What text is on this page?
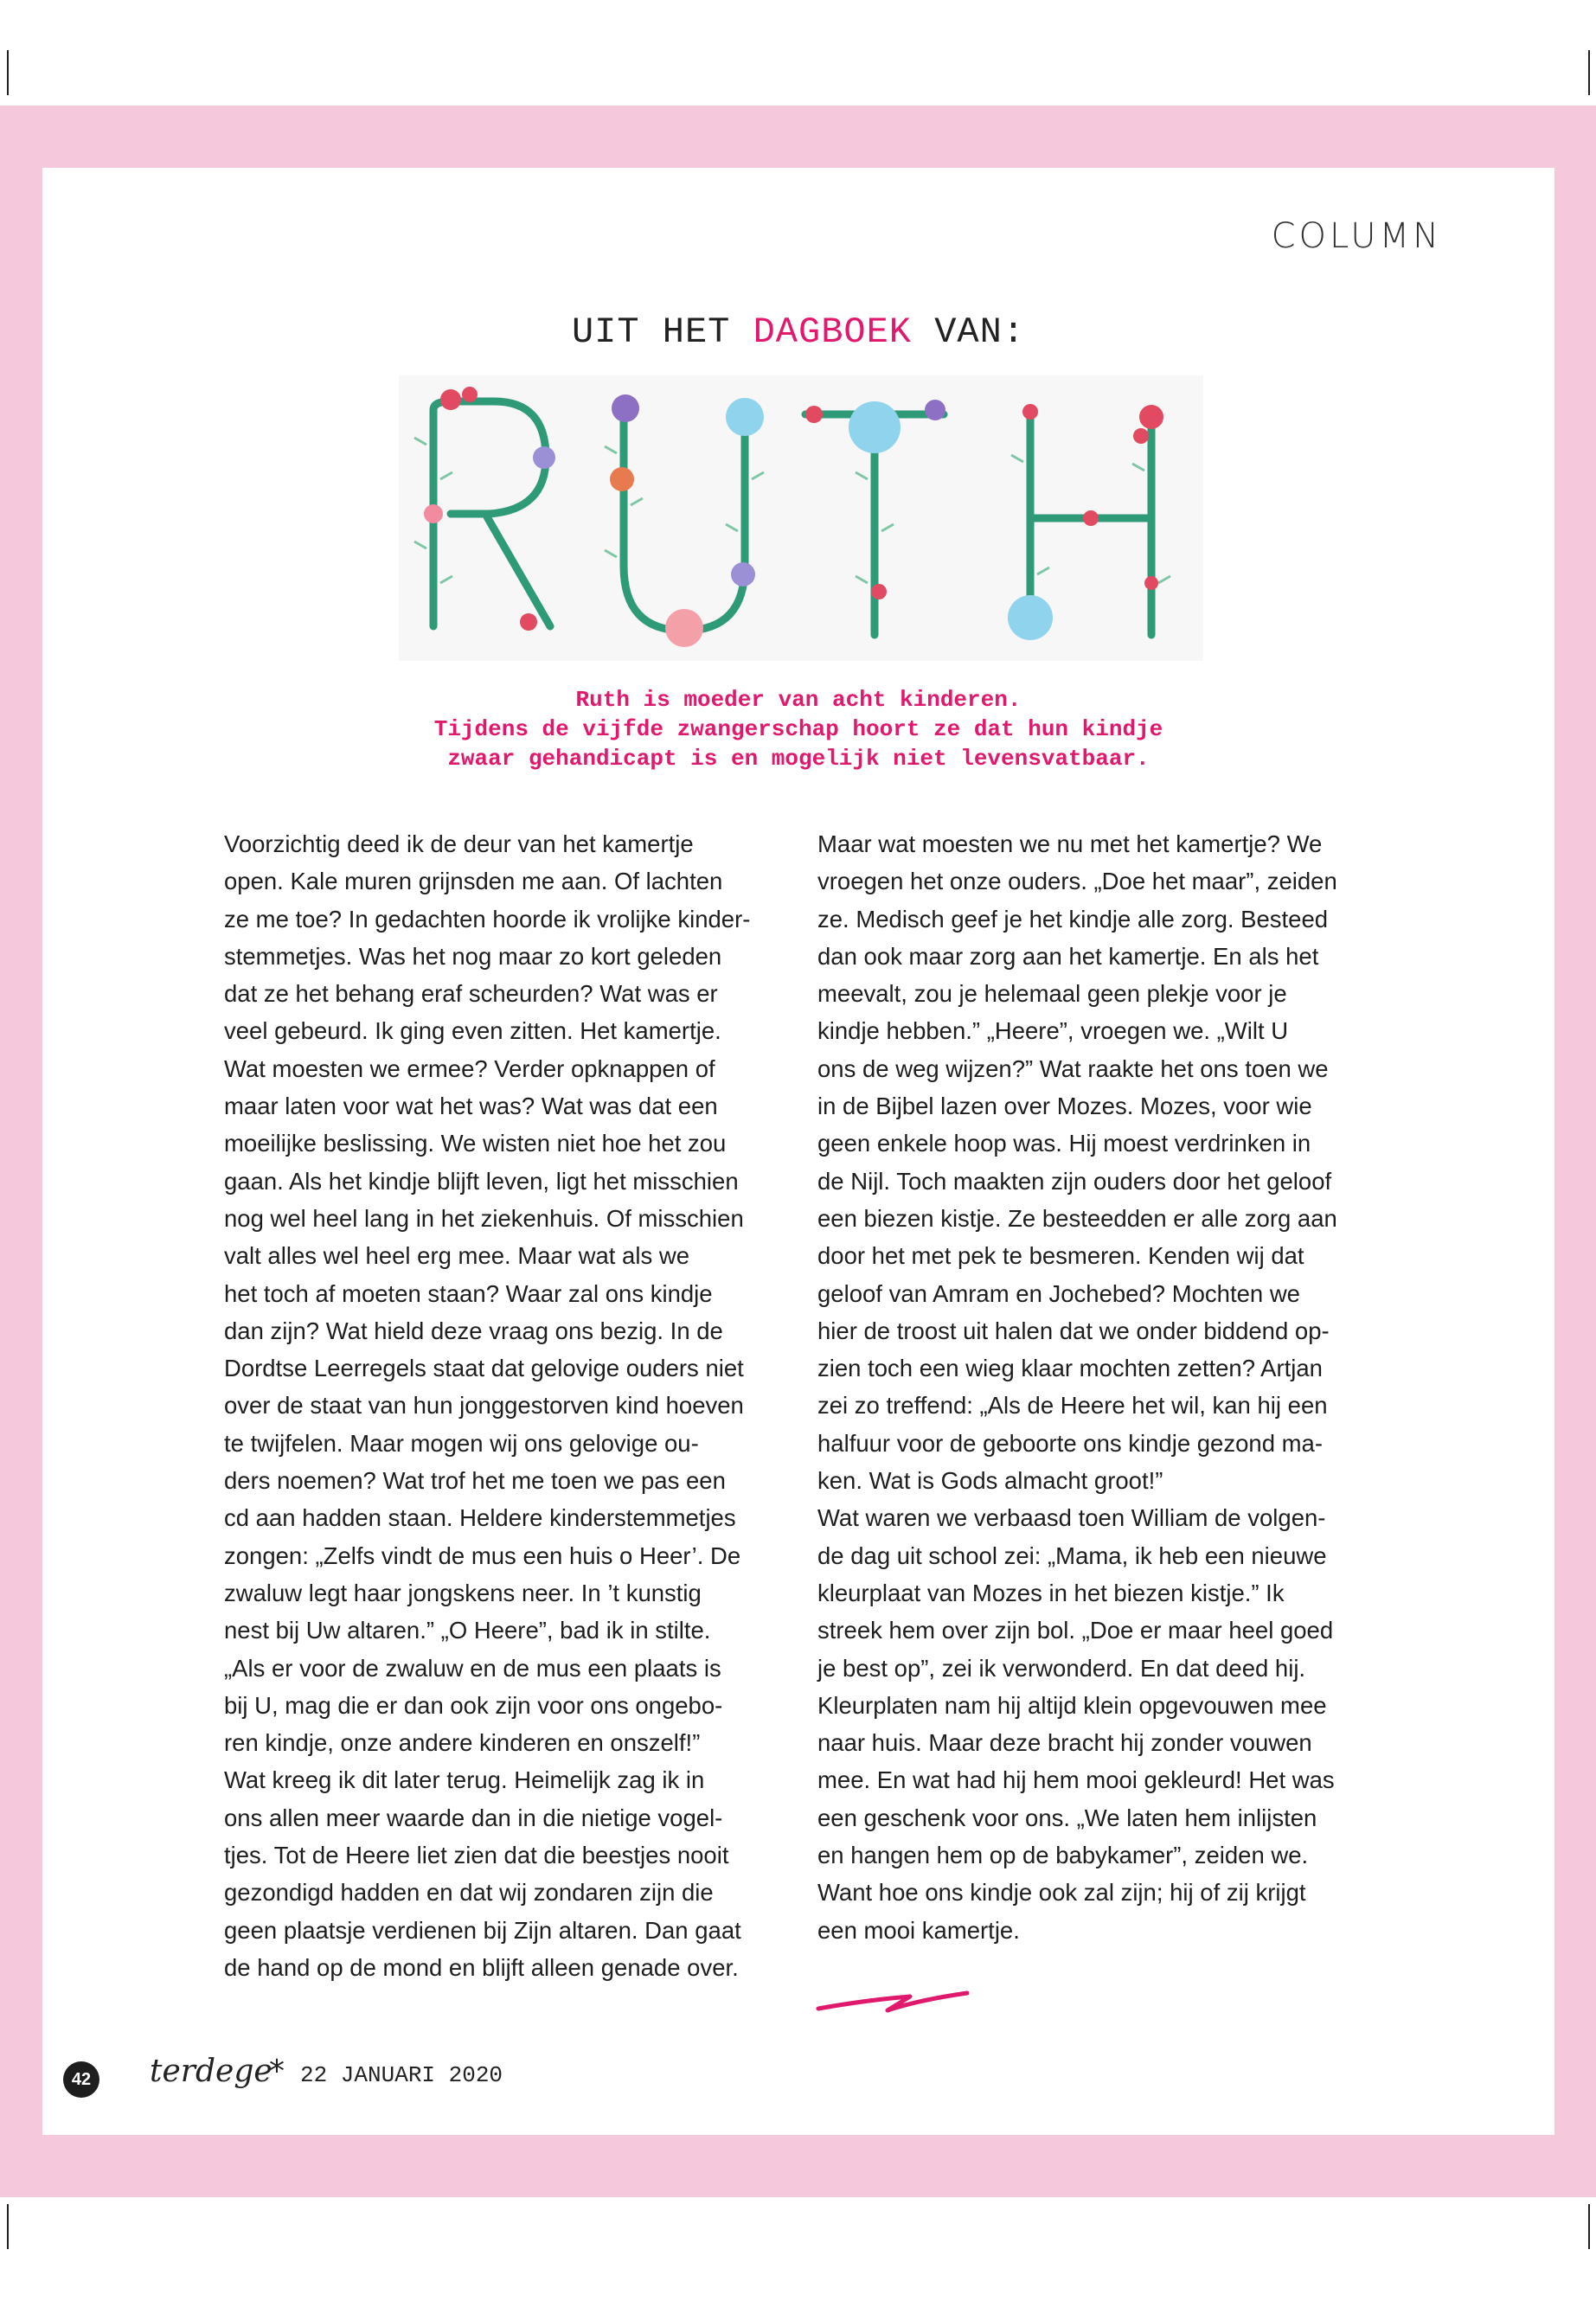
COLUMN
UIT HET DAGBOEK VAN:
Ruth is moeder van acht kinderen.
Tijdens de vijfde zwangerschap hoort ze dat hun kindje
zwaar gehandicapt is en mogelijk niet levensvatbaar.
Voorzichtig deed ik de deur van het kamertje
open. Kale muren grijnsden me aan. Of lachten
ze me toe? In gedachten hoorde ik vrolijke kinder-
stemmetjes. Was het nog maar zo kort geleden
dat ze het behang eraf scheurden? Wat was er
veel gebeurd. Ik ging even zitten. Het kamertje.
Wat moesten we ermee? Verder opknappen of
maar laten voor wat het was? Wat was dat een
moeilijke beslissing. We wisten niet hoe het zou
gaan. Als het kindje blijft leven, ligt het misschien
nog wel heel lang in het ziekenhuis. Of misschien
valt alles wel heel erg mee. Maar wat als we
het toch af moeten staan? Waar zal ons kindje
dan zijn? Wat hield deze vraag ons bezig. In de
Dordtse Leerregels staat dat gelovige ouders niet
over de staat van hun jonggestorven kind hoeven
te twijfelen. Maar mogen wij ons gelovige ou-
ders noemen? Wat trof het me toen we pas een
cd aan hadden staan. Heldere kinderstemmetjes
zongen: „Zelfs vindt de mus een huis o Heer’. De
zwaluw legt haar jongskens neer. In ’t kunstig
nest bij Uw altaren.” „O Heere”, bad ik in stilte.
„Als er voor de zwaluw en de mus een plaats is
bij U, mag die er dan ook zijn voor ons ongebo-
ren kindje, onze andere kinderen en onszelf!”
Wat kreeg ik dit later terug. Heimelijk zag ik in
ons allen meer waarde dan in die nietige vogel-
tjes. Tot de Heere liet zien dat die beestjes nooit
gezondigd hadden en dat wij zondaren zijn die
geen plaatsje verdienen bij Zijn altaren. Dan gaat
de hand op de mond en blijft alleen genade over.
Maar wat moesten we nu met het kamertje? We
vroegen het onze ouders. „Doe het maar”, zeiden
ze. Medisch geef je het kindje alle zorg. Besteed
dan ook maar zorg aan het kamertje. En als het
meevalt, zou je helemaal geen plekje voor je
kindje hebben.” „Heere”, vroegen we. „Wilt U
ons de weg wijzen?” Wat raakte het ons toen we
in de Bijbel lazen over Mozes. Mozes, voor wie
geen enkele hoop was. Hij moest verdrinken in
de Nijl. Toch maakten zijn ouders door het geloof
een biezen kistje. Ze besteedden er alle zorg aan
door het met pek te besmeren. Kenden wij dat
geloof van Amram en Jochebed? Mochten we
hier de troost uit halen dat we onder biddend op-
zien toch een wieg klaar mochten zetten? Artjan
zei zo treffend: „Als de Heere het wil, kan hij een
halfuur voor de geboorte ons kindje gezond ma-
ken. Wat is Gods almacht groot!”
Wat waren we verbaasd toen William de volgen-
de dag uit school zei: „Mama, ik heb een nieuwe
kleurplaat van Mozes in het biezen kistje.” Ik
streek hem over zijn bol. „Doe er maar heel goed
je best op”, zei ik verwonderd. En dat deed hij.
Kleurplaten nam hij altijd klein opgevouwen mee
naar huis. Maar deze bracht hij zonder vouwen
mee. En wat had hij hem mooi gekleurd! Het was
een geschenk voor ons. „We laten hem inlijsten
en hangen hem op de babykamer”, zeiden we.
Want hoe ons kindje ook zal zijn; hij of zij krijgt
een mooi kamertje.
42 terdege
* 22 JANUARI 2020
